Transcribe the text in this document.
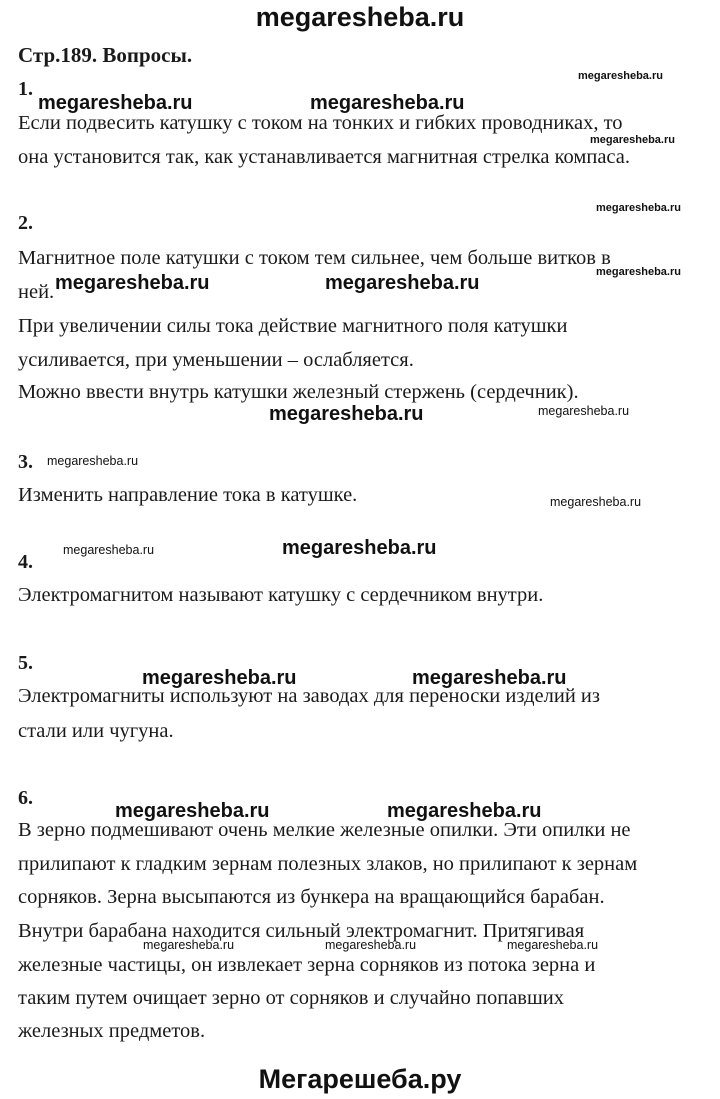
megaresheba.ru
Стр.189. Вопросы.
1.
Если подвесить катушку с током на тонких и гибких проводниках, то
она установится так, как устанавливается магнитная стрелка компаса.
2.
Магнитное поле катушки с током тем сильнее, чем больше витков в
ней.
При увеличении силы тока действие магнитного поля катушки
усиливается, при уменьшении – ослабляется.
Можно ввести внутрь катушки железный стержень (сердечник).
3.
Изменить направление тока в катушке.
4.
Электромагнитом называют катушку с сердечником внутри.
5.
Электромагниты используют на заводах для переноски изделий из
стали или чугуна.
6.
В зерно подмешивают очень мелкие железные опилки. Эти опилки не
прилипают к гладким зернам полезных злаков, но прилипают к зернам
сорняков. Зерна высыпаются из бункера на вращающийся барабан.
Внутри барабана находится сильный электромагнит. Притягивая
железные частицы, он извлекает зерна сорняков из потока зерна и
таким путем очищает зерно от сорняков и случайно попавших
железных предметов.
megaresheba.ru	megaresheba.ru
megaresheba.ru	megaresheba.ru
megaresheba.ru
megaresheba.ru
megaresheba.ru	megaresheba.ru
megaresheba.ru	megaresheba.ru
megaresheba.ru
megaresheba.ru
megaresheba.ru
megaresheba.ru
megaresheba.ru
megaresheba.ru
megaresheba.ru
megaresheba.ru
megaresheba.ru	megaresheba.ru	megaresheba.ru
Мегарешеба.ру
